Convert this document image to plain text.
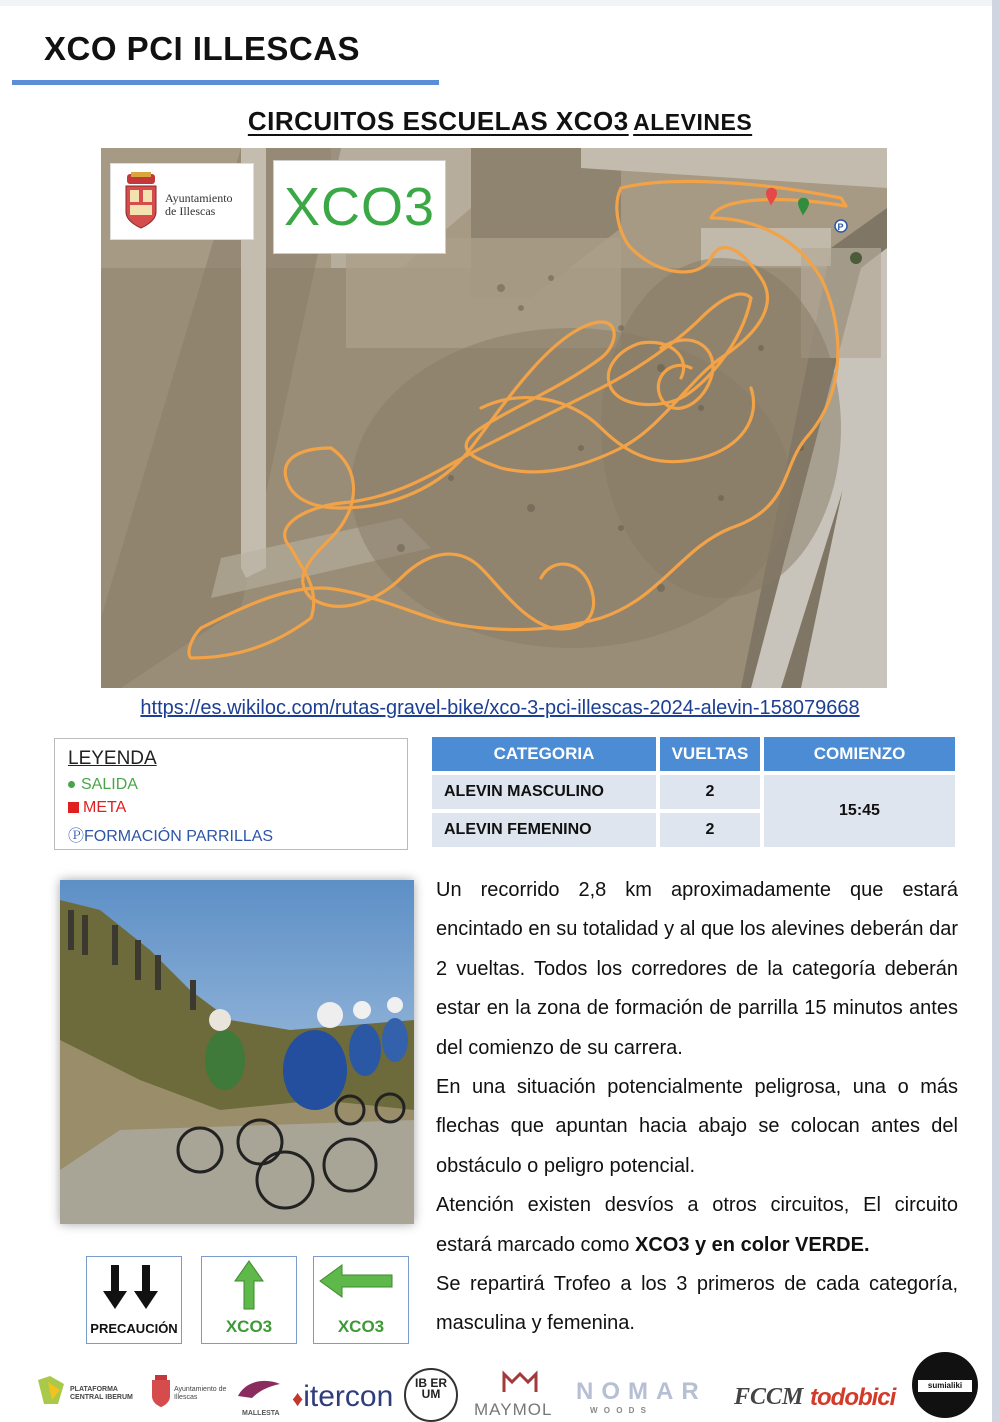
XCO PCI ILLESCAS
CIRCUITOS ESCUELAS XCO3 ALEVINES
P
Ayuntamiento
de Illescas	XCO3
https://es.wikiloc.com/rutas-gravel-bike/xco-3-pci-illescas-2024-alevin-158079668
LEYENDA
SALIDA
META
ⓅFORMACIÓN PARRILLAS
CATEGORIA	VUELTAS	COMIENZO
ALEVIN MASCULINO	2
ALEVIN FEMENINO	2
15:45

Un recorrido 2,8 km aproximadamente que estará encintado en su totalidad y al que los alevines deberán dar 2 vueltas. Todos los corredores de la categoría deberán estar en la zona de formación de parrilla 15 minutos antes del comienzo de su carrera.

En una situación potencialmente peligrosa, una o más flechas que apuntan hacia abajo se colocan antes del obstáculo o peligro potencial.

Atención existen desvíos a otros circuitos, El circuito estará marcado como XCO3 y en color VERDE.

Se repartirá Trofeo a los 3 primeros de cada categoría, masculina y femenina.

PRECAUCIÓN	XCO3	XCO3
PLATAFORMA CENTRAL IBERUM
Ayuntamiento de Illescas
MALLESTA
♦itercon	IB ER UM
MAYMOL
NOMAR
W O O D S
FCCM todobici	sumialiki
